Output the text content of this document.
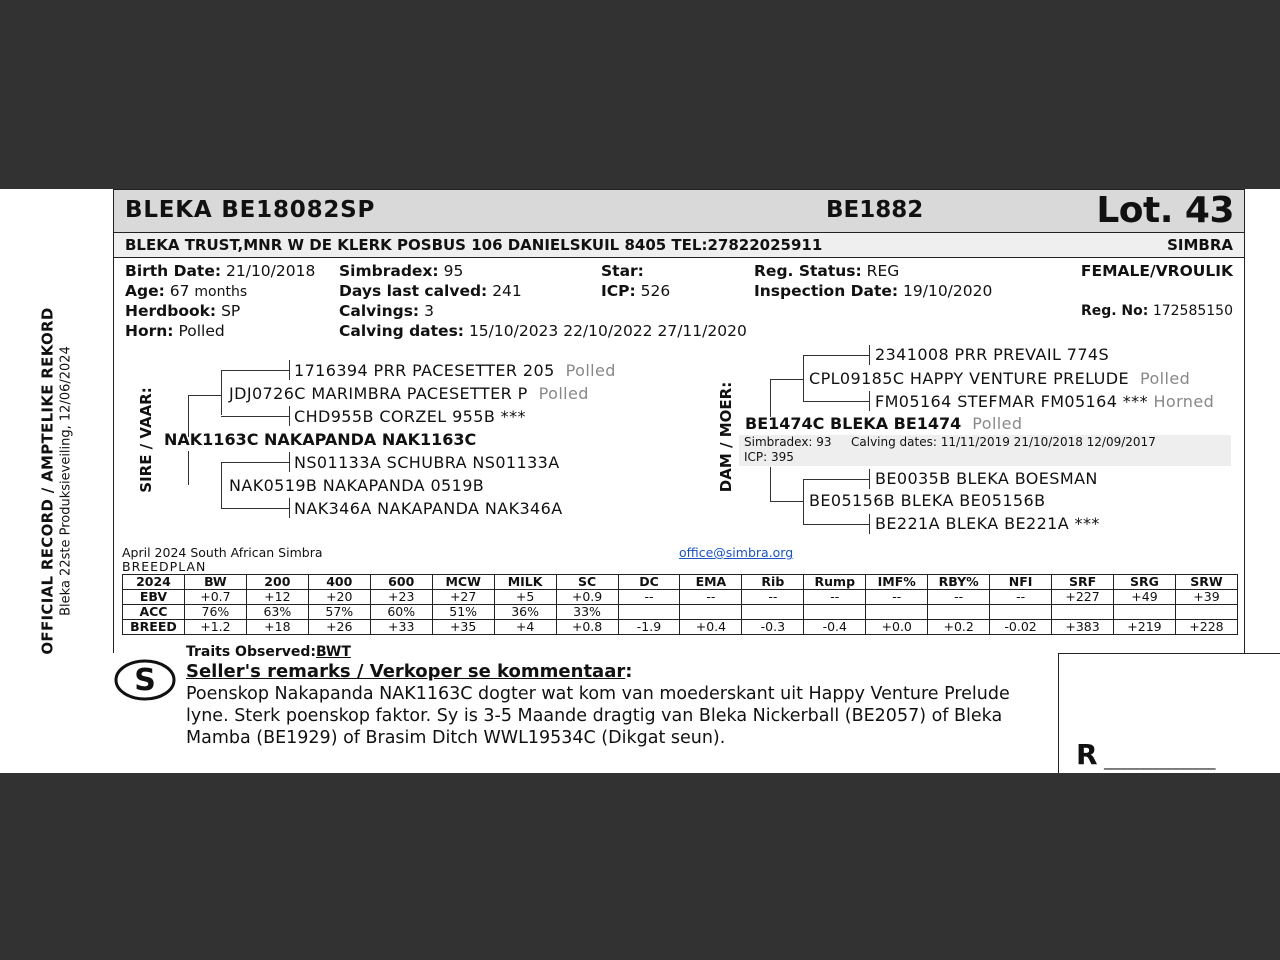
OFFICIAL RECORD / AMPTELIKE REKORD Bleka 22ste Produksieveiling, 12/06/2024
BLEKA BE18082SP	BE1882	Lot. 43
BLEKA TRUST,MNR W DE KLERK POSBUS 106 DANIELSKUIL 8405 TEL:27822025911	SIMBRA
Birth Date: 21/10/2018
Age: 67 months
Herdbook: SP
Horn: Polled
Simbradex: 95
Days last calved: 241
Calvings: 3
Calving dates: 15/10/2023 22/10/2022 27/11/2020
Star:
ICP: 526
Reg. Status: REG
Inspection Date: 19/10/2020
FEMALE/VROULIK
Reg. No: 172585150
SIRE / VAAR:
1716394 PRR PACESETTER 205 Polled
JDJ0726C MARIMBRA PACESETTER P Polled
CHD955B CORZEL 955B ***
NAK1163C NAKAPANDA NAK1163C
NS01133A SCHUBRA NS01133A
NAK0519B NAKAPANDA 0519B
NAK346A NAKAPANDA NAK346A
DAM / MOER:
2341008 PRR PREVAIL 774S
CPL09185C HAPPY VENTURE PRELUDE Polled
FM05164 STEFMAR FM05164 *** Horned
BE1474C BLEKA BE1474 Polled
Simbradex: 93 Calving dates: 11/11/2019 21/10/2018 12/09/2017
ICP: 395
BE0035B BLEKA BOESMAN
BE05156B BLEKA BE05156B
BE221A BLEKA BE221A ***
April 2024 South African Simbra
BREEDPLAN
office@simbra.org
2024	BW	200	400	600	MCW	MILK	SC	DC	EMA	Rib	Rump	IMF%	RBY%	NFI	SRF	SRG	SRW
EBV	+0.7	+12	+20	+23	+27	+5	+0.9	--	--	--	--	--	--	--	+227	+49	+39
ACC	76%	63%	57%	60%	51%	36%	33%										
BREED	+1.2	+18	+26	+33	+35	+4	+0.8	-1.9	+0.4	-0.3	-0.4	+0.0	+0.2	-0.02	+383	+219	+228
S
Traits Observed:BWT
Seller's remarks / Verkoper se kommentaar:
Poenskop Nakapanda NAK1163C dogter wat kom van moederskant uit Happy Venture Prelude
lyne. Sterk poenskop faktor. Sy is 3-5 Maande dragtig van Bleka Nickerball (BE2057) of Bleka
Mamba (BE1929) of Brasim Ditch WWL19534C (Dikgat seun).	R _________________
